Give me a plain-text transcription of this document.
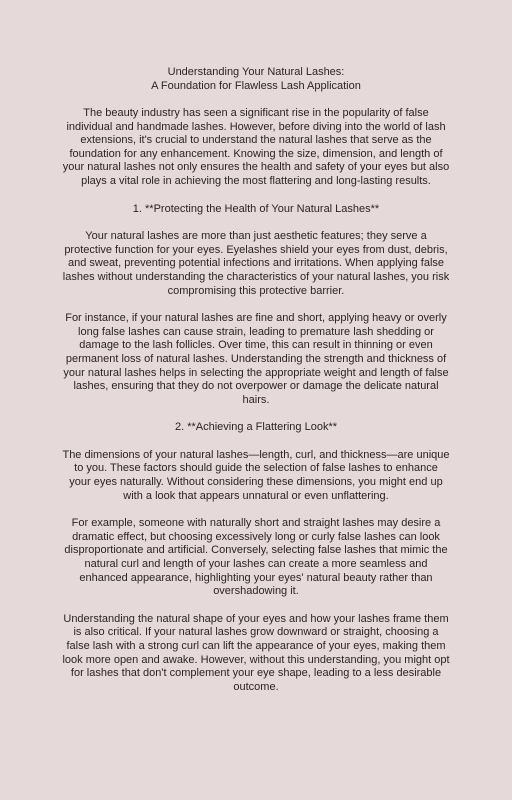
Understanding Your Natural Lashes:
A Foundation for Flawless Lash Application

The beauty industry has seen a significant rise in the popularity of false individual and handmade lashes. However, before diving into the world of lash extensions, it's crucial to understand the natural lashes that serve as the foundation for any enhancement. Knowing the size, dimension, and length of your natural lashes not only ensures the health and safety of your eyes but also plays a vital role in achieving the most flattering and long-lasting results.

1. **Protecting the Health of Your Natural Lashes**

Your natural lashes are more than just aesthetic features; they serve a protective function for your eyes. Eyelashes shield your eyes from dust, debris, and sweat, preventing potential infections and irritations. When applying false lashes without understanding the characteristics of your natural lashes, you risk compromising this protective barrier.

For instance, if your natural lashes are fine and short, applying heavy or overly long false lashes can cause strain, leading to premature lash shedding or damage to the lash follicles. Over time, this can result in thinning or even permanent loss of natural lashes. Understanding the strength and thickness of your natural lashes helps in selecting the appropriate weight and length of false lashes, ensuring that they do not overpower or damage the delicate natural hairs.

2. **Achieving a Flattering Look**

The dimensions of your natural lashes—length, curl, and thickness—are unique to you. These factors should guide the selection of false lashes to enhance your eyes naturally. Without considering these dimensions, you might end up with a look that appears unnatural or even unflattering.

For example, someone with naturally short and straight lashes may desire a dramatic effect, but choosing excessively long or curly false lashes can look disproportionate and artificial. Conversely, selecting false lashes that mimic the natural curl and length of your lashes can create a more seamless and enhanced appearance, highlighting your eyes' natural beauty rather than overshadowing it.

Understanding the natural shape of your eyes and how your lashes frame them is also critical. If your natural lashes grow downward or straight, choosing a false lash with a strong curl can lift the appearance of your eyes, making them look more open and awake. However, without this understanding, you might opt for lashes that don't complement your eye shape, leading to a less desirable outcome.
